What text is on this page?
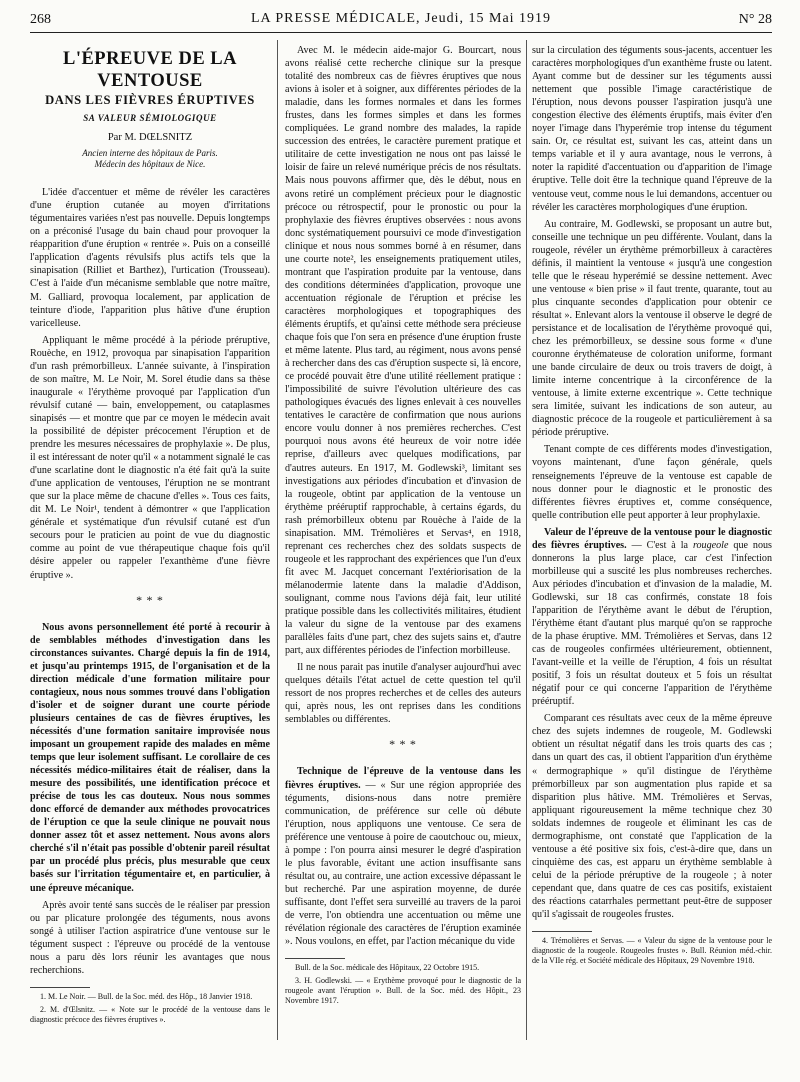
268	LA PRESSE MÉDICALE, Jeudi, 15 Mai 1919	N° 28
L'ÉPREUVE DE LA VENTOUSE
DANS LES FIÈVRES ÉRUPTIVES
SA VALEUR SÉMIOLOGIQUE
Par M. DŒLSNITZ
Ancien interne des hôpitaux de Paris.
Médecin des hôpitaux de Nice.

L'idée d'accentuer et même de révéler les caractères d'une éruption cutanée au moyen d'irritations tégumentaires variées n'est pas nouvelle. Depuis longtemps on a préconisé l'usage du bain chaud pour provoquer la réapparition d'une éruption « rentrée ». Puis on a conseillé l'application d'agents révulsifs plus actifs tels que la sinapisation (Rilliet et Barthez), l'urtication (Trousseau). C'est à l'aide d'un mécanisme semblable que notre maître, M. Galliard, provoqua localement, par application de teinture d'iode, l'apparition plus hâtive d'une éruption varicelleuse.

Appliquant le même procédé à la période préruptive, Rouèche, en 1912, provoqua par sinapisation l'apparition d'un rash prémorbilleux. L'année suivante, à l'inspiration de son maître, M. Le Noir, M. Sorel étudie dans sa thèse inaugurale « l'érythème provoqué par l'application d'un révulsif cutané — bain, enveloppement, ou cataplasmes sinapisés — et montre que par ce moyen le médecin avait la possibilité de dépister précocement l'éruption et de prendre les mesures nécessaires de prophylaxie ». De plus, il est intéressant de noter qu'il « a notamment signalé le cas d'une scarlatine dont le diagnostic n'a été fait qu'à la suite d'une application de ventouses, l'éruption ne se montrant que sur la place même de chacune d'elles ». Tous ces faits, dit M. Le Noir¹, tendent à démontrer « que l'application générale et systématique d'un révulsif cutané est d'un secours pour le praticien au point de vue du diagnostic comme au point de vue thérapeutique chaque fois qu'il désire appeler ou rappeler l'exanthème d'une fièvre éruptive ».

* * *

Nous avons personnellement été porté à recourir à de semblables méthodes d'investigation dans les circonstances suivantes. Chargé depuis la fin de 1914, et jusqu'au printemps 1915, de l'organisation et de la direction médicale d'une formation militaire pour contagieux, nous nous sommes trouvé dans l'obligation d'isoler et de soigner durant une courte période plusieurs centaines de cas de fièvres éruptives, les nécessités d'une formation sanitaire improvisée nous imposant un groupement rapide des malades en même temps que leur isolement suffisant. Le corollaire de ces nécessités médico-militaires était de réaliser, dans la mesure des possibilités, une identification précoce et précise de tous les cas douteux. Nous nous sommes donc efforcé de demander aux méthodes provocatrices de l'éruption ce que la seule clinique ne pouvait nous donner assez tôt et assez nettement. Nous avons alors cherché s'il n'était pas possible d'obtenir pareil résultat par un procédé plus précis, plus mesurable que ceux basés sur l'irritation tégumentaire et, en particulier, à une épreuve mécanique.

Après avoir tenté sans succès de le réaliser par pression ou par plicature prolongée des téguments, nous avons songé à utiliser l'action aspiratrice d'une ventouse sur le tégument suspect : l'épreuve ou procédé de la ventouse nous a paru dès lors réunir les avantages que nous recherchions.

1. M. Le Noir. — Bull. de la Soc. méd. des Hôp., 18 Janvier 1918.

2. M. d'Œlsnitz. — « Note sur le procédé de la ventouse dans le diagnostic précoce des fièvres éruptives ».

Avec M. le médecin aide-major G. Bourcart, nous avons réalisé cette recherche clinique sur la presque totalité des nombreux cas de fièvres éruptives que nous avions à isoler et à soigner, aux différentes périodes de la maladie, dans les formes normales et dans les formes frustes, dans les formes simples et dans les formes compliquées. Le grand nombre des malades, la rapide succession des entrées, le caractère purement pratique et utilitaire de cette investigation ne nous ont pas laissé le loisir de faire un relevé numérique précis de nos résultats. Mais nous pouvons affirmer que, dès le début, nous en avons retiré un complément précieux pour le diagnostic précoce ou rétrospectif, pour le pronostic ou pour la prophylaxie des fièvres éruptives observées : nous avons donc systématiquement poursuivi ce mode d'investigation clinique et nous nous sommes borné à en résumer, dans une courte note², les enseignements pratiquement utiles, montrant que l'aspiration produite par la ventouse, dans des conditions déterminées d'application, provoque une accentuation régionale de l'éruption et précise les caractères morphologiques et topographiques des éléments éruptifs, et qu'ainsi cette méthode sera précieuse chaque fois que l'on sera en présence d'une éruption fruste et même latente. Plus tard, au régiment, nous avons pensé à rechercher dans des cas d'éruption suspecte si, là encore, ce procédé pouvait être d'une utilité réellement pratique : l'impossibilité de suivre l'évolution ultérieure des cas pathologiques évacués des lignes enlevait à ces nouvelles tentatives le caractère de confirmation que nous aurions encore voulu donner à nos premières recherches. C'est pourquoi nous avons été heureux de voir notre idée reprise, d'ailleurs avec quelques modifications, par d'autres auteurs. En 1917, M. Godlewski³, limitant ses investigations aux périodes d'incubation et d'invasion de la rougeole, obtint par application de la ventouse un érythème prééruptif rapprochable, à certains égards, du rash prémorbilleux obtenu par Rouèche à l'aide de la sinapisation. MM. Trémolières et Servas⁴, en 1918, reprenant ces recherches chez des soldats suspects de rougeole et les rapprochant des expériences que l'un d'eux fit avec M. Jacquet concernant l'extériorisation de la mélanodermie latente dans la maladie d'Addison, soulignant, comme nous l'avions déjà fait, leur utilité pratique possible dans les collectivités militaires, étudient la valeur du signe de la ventouse par des examens parallèles faits d'une part, chez des sujets sains et, d'autre part, aux différentes périodes de l'infection morbilleuse.

Il ne nous parait pas inutile d'analyser aujourd'hui avec quelques détails l'état actuel de cette question tel qu'il ressort de nos propres recherches et de celles des auteurs qui, après nous, les ont reprises dans les conditions semblables ou différentes.

* * *

Technique de l'épreuve de la ventouse dans les fièvres éruptives. — « Sur une région appropriée des téguments, disions-nous dans notre première communication, de préférence sur celle où débute l'éruption, nous appliquons une ventouse. Ce sera de préférence une ventouse à poire de caoutchouc ou, mieux, à pompe : l'on pourra ainsi mesurer le degré d'aspiration le plus favorable, évitant une action insuffisante sans résultat ou, au contraire, une action excessive dépassant le but recherché. Par une aspiration moyenne, de durée suffisante, dont l'effet sera surveillé au travers de la paroi de verre, l'on obtiendra une accentuation ou même une révélation régionale des caractères de l'éruption examinée ». Nous voulons, en effet, par l'action mécanique du vide

Bull. de la Soc. médicale des Hôpitaux, 22 Octobre 1915.

3. H. Godlewski. — « Erythème provoqué pour le diagnostic de la rougeole avant l'éruption ». Bull. de la Soc. méd. des Hôpit., 23 Novembre 1917.

sur la circulation des téguments sous-jacents, accentuer les caractères morphologiques d'un exanthème fruste ou latent. Ayant comme but de dessiner sur les téguments aussi nettement que possible l'image caractéristique de l'éruption, nous devons pousser l'aspiration jusqu'à une congestion élective des éléments éruptifs, mais éviter d'en noyer l'image dans l'hyperémie trop intense du tégument sain. Or, ce résultat est, suivant les cas, atteint dans un temps variable et il y aura avantage, nous le verrons, à noter la rapidité d'accentuation ou d'apparition de l'image éruptive. Telle doit être la technique quand l'épreuve de la ventouse veut, comme nous le lui demandons, accentuer ou révéler les caractères morphologiques d'une éruption.

Au contraire, M. Godlewski, se proposant un autre but, conseille une technique un peu différente. Voulant, dans la rougeole, révéler un érythème prémorbilleux à caractères définis, il maintient la ventouse « jusqu'à une congestion telle que le réseau hyperémié se dessine nettement. Avec une ventouse « bien prise » il faut trente, quarante, tout au plus cinquante secondes d'application pour obtenir ce résultat ». Enlevant alors la ventouse il observe le degré de persistance et de localisation de l'érythème provoqué qui, chez les prémorbilleux, se dessine sous forme « d'une couronne érythémateuse de coloration uniforme, formant une bande circulaire de deux ou trois travers de doigt, à limite interne concentrique à la circonférence de la ventouse, à limite externe excentrique ». Cette technique sera limitée, suivant les indications de son auteur, au diagnostic précoce de la rougeole et particulièrement à sa période préruptive.

Tenant compte de ces différents modes d'investigation, voyons maintenant, d'une façon générale, quels renseignements l'épreuve de la ventouse est capable de nous donner pour le diagnostic et le pronostic des différentes fièvres éruptives et, comme conséquence, quelle contribution elle peut apporter à leur prophylaxie.

Valeur de l'épreuve de la ventouse pour le diagnostic des fièvres éruptives. — C'est à la rougeole que nous donnerons la plus large place, car c'est l'infection morbilleuse qui a suscité les plus nombreuses recherches. Aux périodes d'incubation et d'invasion de la maladie, M. Godlewski, sur 18 cas confirmés, constate 18 fois l'apparition de l'érythème avant le début de l'éruption, l'érythème étant d'autant plus marqué qu'on se rapproche de la phase éruptive. MM. Trémolières et Servas, dans 12 cas de rougeoles confirmées ultérieurement, obtiennent, l'avant-veille et la veille de l'éruption, 4 fois un résultat positif, 3 fois un résultat douteux et 5 fois un résultat négatif pour ce qui concerne l'apparition de l'érythème prééruptif.

Comparant ces résultats avec ceux de la même épreuve chez des sujets indemnes de rougeole, M. Godlewski obtient un résultat négatif dans les trois quarts des cas ; dans un quart des cas, il obtient l'apparition d'un érythème « dermographique » qu'il distingue de l'érythème prémorbilleux par son augmentation plus rapide et sa disparition plus hâtive. MM. Trémolières et Servas, appliquant rigoureusement la même technique chez 30 soldats indemnes de rougeole et éliminant les cas de dermographisme, ont constaté que l'application de la ventouse a été positive six fois, c'est-à-dire que, dans un cinquième des cas, est apparu un érythème semblable à celui de la période préruptive de la rougeole ; à noter cependant que, dans quatre de ces cas positifs, existaient des réactions catarrhales permettant peut-être de supposer qu'il s'agissait de rougeoles frustes.

4. Trémolières et Servas. — « Valeur du signe de la ventouse pour le diagnostic de la rougeole. Rougeoles frustes ». Bull. Réunion méd.-chir. de la VIIe rég. et Société médicale des Hôpitaux, 29 Novembre 1918.
